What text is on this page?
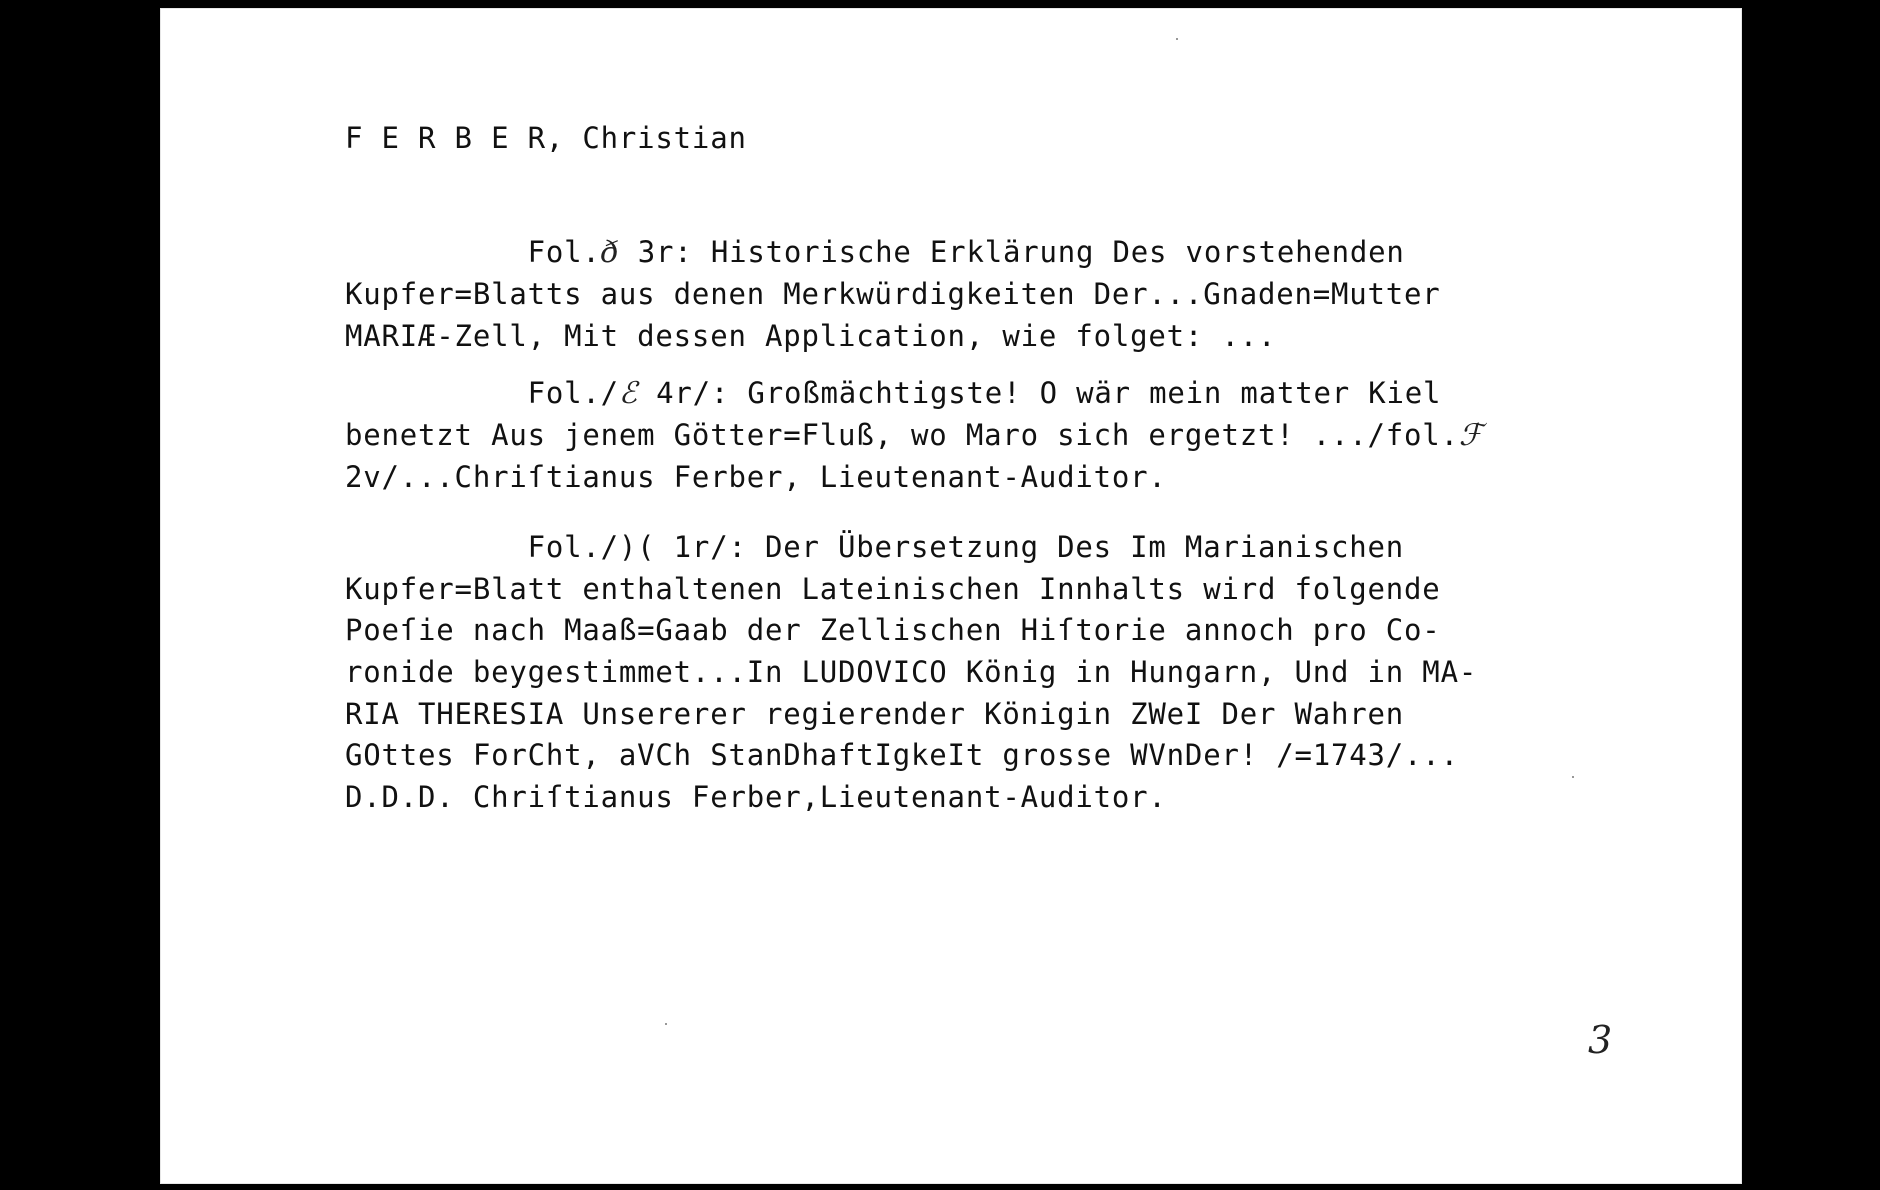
F E R B E R, Christian
Fol.ð 3r: Historische Erklärung Des vorstehenden
Kupfer=Blatts aus denen Merkwürdigkeiten Der...Gnaden=Mutter
MARIÆ-Zell, Mit dessen Application, wie folget: ...
Fol./ℰ 4r/: Großmächtigste! O wär mein matter Kiel
benetzt Aus jenem Götter=Fluß, wo Maro sich ergetzt! .../fol.ℱ
2v/...Chriſtianus Ferber, Lieutenant-Auditor.
Fol./)( 1r/: Der Übersetzung Des Im Marianischen
Kupfer=Blatt enthaltenen Lateinischen Innhalts wird folgende
Poeſie nach Maaß=Gaab der Zellischen Hiſtorie annoch pro Co-
ronide beygestimmet...In LUDOVICO König in Hungarn, Und in MA-
RIA THERESIA Unsererer regierender Königin ZWeI Der Wahren
GOttes ForCht, aVCh StanDhaftIgkeIt grosse WVnDer! /=1743/...
D.D.D. Chriſtianus Ferber,Lieutenant-Auditor.
3
